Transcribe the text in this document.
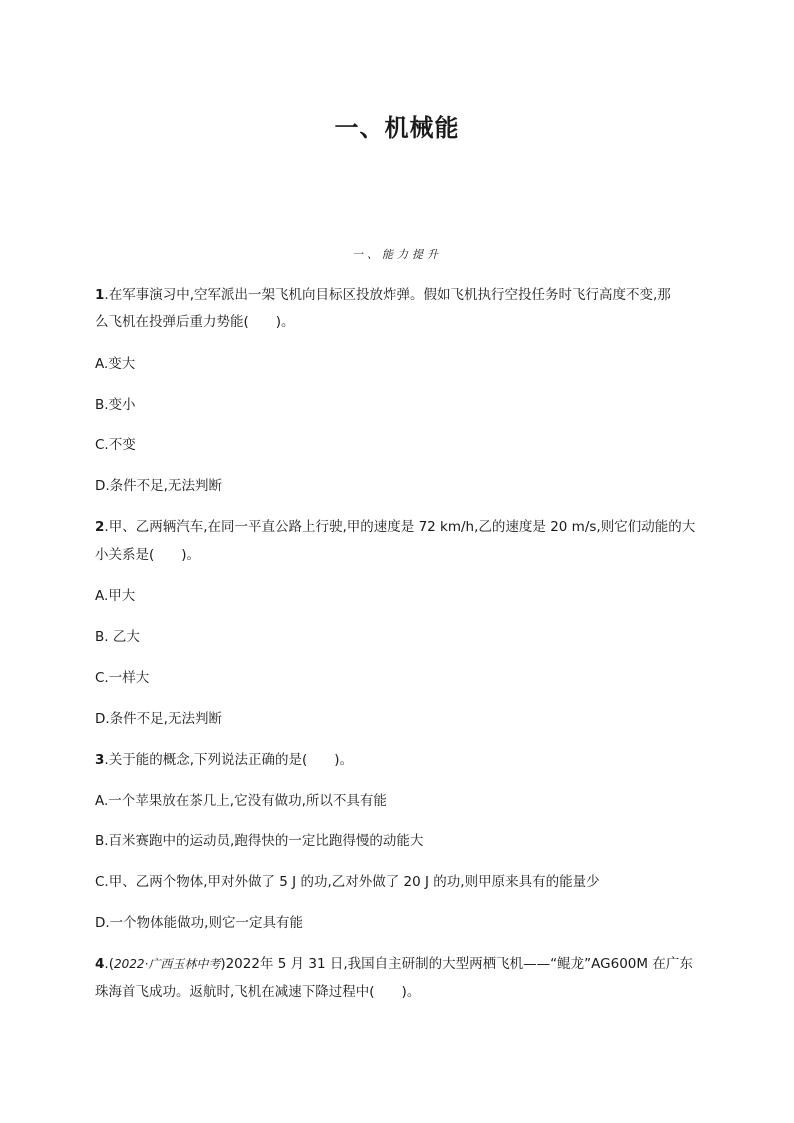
一、机械能
一、能力提升
1.在军事演习中,空军派出一架飞机向目标区投放炸弹。假如飞机执行空投任务时飞行高度不变,那
么飞机在投弹后重力势能(　　)。
A.变大
B.变小
C.不变
D.条件不足,无法判断
2.甲、乙两辆汽车,在同一平直公路上行驶,甲的速度是 72 km/h,乙的速度是 20 m/s,则它们动能的大
小关系是(　　)。
A.甲大
B. 乙大
C.一样大
D.条件不足,无法判断
3.关于能的概念,下列说法正确的是(　　)。
A.一个苹果放在茶几上,它没有做功,所以不具有能
B.百米赛跑中的运动员,跑得快的一定比跑得慢的动能大
C.甲、乙两个物体,甲对外做了 5 J 的功,乙对外做了 20 J 的功,则甲原来具有的能量少
D.一个物体能做功,则它一定具有能
4.(2022·广西玉林中考)2022年 5 月 31 日,我国自主研制的大型两栖飞机——“鲲龙”AG600M 在广东
珠海首飞成功。返航时,飞机在减速下降过程中(　　)。
